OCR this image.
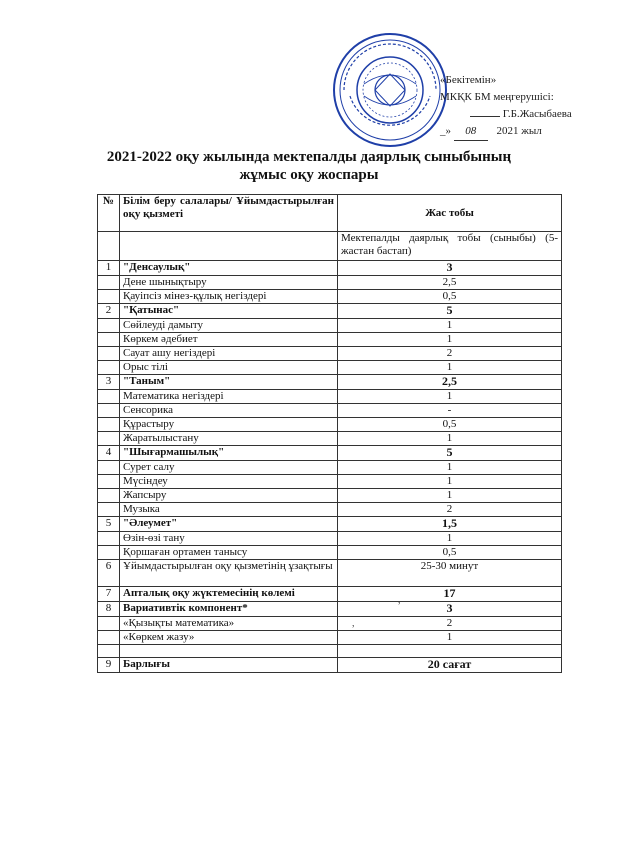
«Бекітемін»
МКҚК БМ меңгерушісі:
Г.Б.Жасыбаева
_» 08 2021 жыл
2021-2022 оқу жылында мектепалды даярлық сыныбының
жұмыс оқу жоспары
№	Білім беру салалары/ Ұйымдастырылған оқу қызметі	Жас тобы
		Мектепалды даярлық тобы (сыныбы) (5-жастан бастап)
1	"Денсаулық"	3
	Дене шынықтыру	2,5
	Қауіпсіз мінез-құлық негіздері	0,5
2	"Қатынас"	5
	Сөйлеуді дамыту	1
	Көркем әдебиет	1
	Сауат ашу негіздері	2
	Орыс тілі	1
3	"Таным"	2,5
	Математика негіздері	1
	Сенсорика	-
	Құрастыру	0,5
	Жаратылыстану	1
4	"Шығармашылық"	5
	Сурет салу	1
	Мүсіндеу	1
	Жапсыру	1
	Музыка	2
5	"Әлеумет"	1,5
	Өзін-өзі тану	1
	Қоршаған ортамен танысу	0,5
6	Ұйымдастырылған оқу қызметінің ұзақтығы	25-30 минут
7	Апталық оқу жүктемесінің көлемі	17
8	Вариативтік компонент*	3
	«Қызықты математика»	2
	«Көркем жазу»	1

9	Барлығы	20 сағат
,
,
